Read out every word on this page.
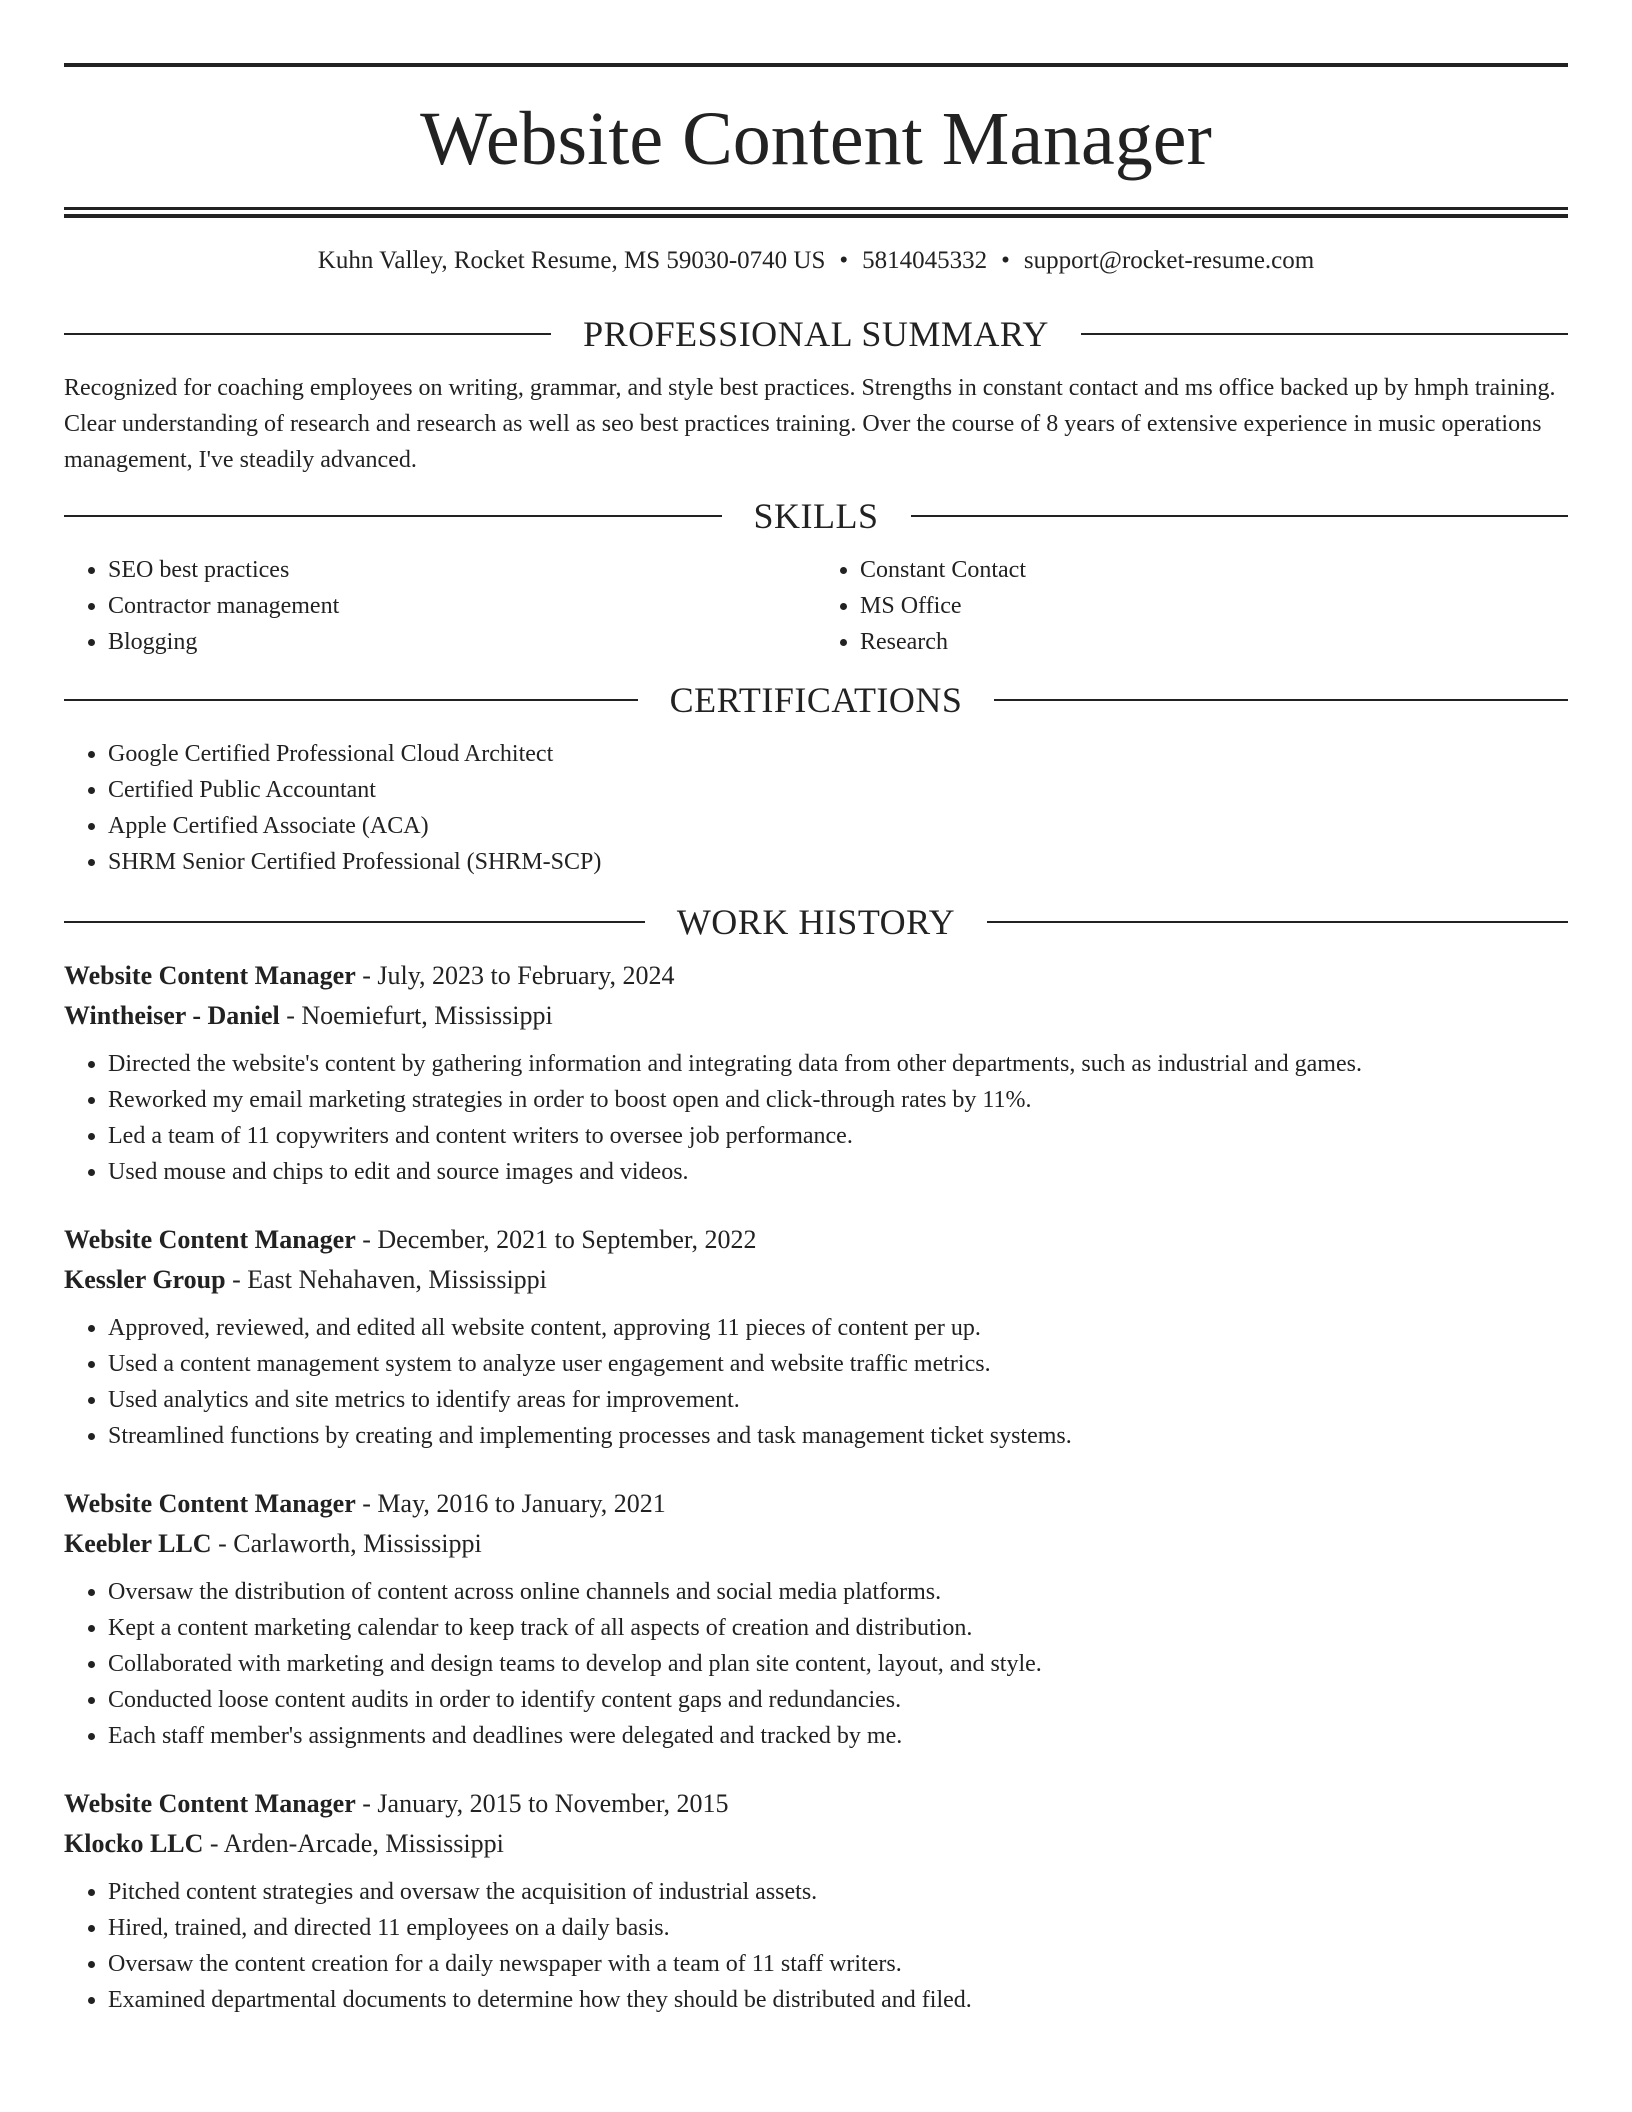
Website Content Manager
Kuhn Valley, Rocket Resume, MS 59030-0740 US • 5814045332 • support@rocket-resume.com
PROFESSIONAL SUMMARY

Recognized for coaching employees on writing, grammar, and style best practices. Strengths in constant contact and ms office backed up by hmph training. Clear understanding of research and research as well as seo best practices training. Over the course of 8 years of extensive experience in music operations management, I've steadily advanced.

SKILLS
• SEO best practices
• Contractor management
• Blogging
• Constant Contact
• MS Office
• Research
CERTIFICATIONS
• Google Certified Professional Cloud Architect
• Certified Public Accountant
• Apple Certified Associate (ACA)
• SHRM Senior Certified Professional (SHRM-SCP)
WORK HISTORY
Website Content Manager - July, 2023 to February, 2024
Wintheiser - Daniel - Noemiefurt, Mississippi
• Directed the website's content by gathering information and integrating data from other departments, such as industrial and games.
• Reworked my email marketing strategies in order to boost open and click-through rates by 11%.
• Led a team of 11 copywriters and content writers to oversee job performance.
• Used mouse and chips to edit and source images and videos.
Website Content Manager - December, 2021 to September, 2022
Kessler Group - East Nehahaven, Mississippi
• Approved, reviewed, and edited all website content, approving 11 pieces of content per up.
• Used a content management system to analyze user engagement and website traffic metrics.
• Used analytics and site metrics to identify areas for improvement.
• Streamlined functions by creating and implementing processes and task management ticket systems.
Website Content Manager - May, 2016 to January, 2021
Keebler LLC - Carlaworth, Mississippi
• Oversaw the distribution of content across online channels and social media platforms.
• Kept a content marketing calendar to keep track of all aspects of creation and distribution.
• Collaborated with marketing and design teams to develop and plan site content, layout, and style.
• Conducted loose content audits in order to identify content gaps and redundancies.
• Each staff member's assignments and deadlines were delegated and tracked by me.
Website Content Manager - January, 2015 to November, 2015
Klocko LLC - Arden-Arcade, Mississippi
• Pitched content strategies and oversaw the acquisition of industrial assets.
• Hired, trained, and directed 11 employees on a daily basis.
• Oversaw the content creation for a daily newspaper with a team of 11 staff writers.
• Examined departmental documents to determine how they should be distributed and filed.
